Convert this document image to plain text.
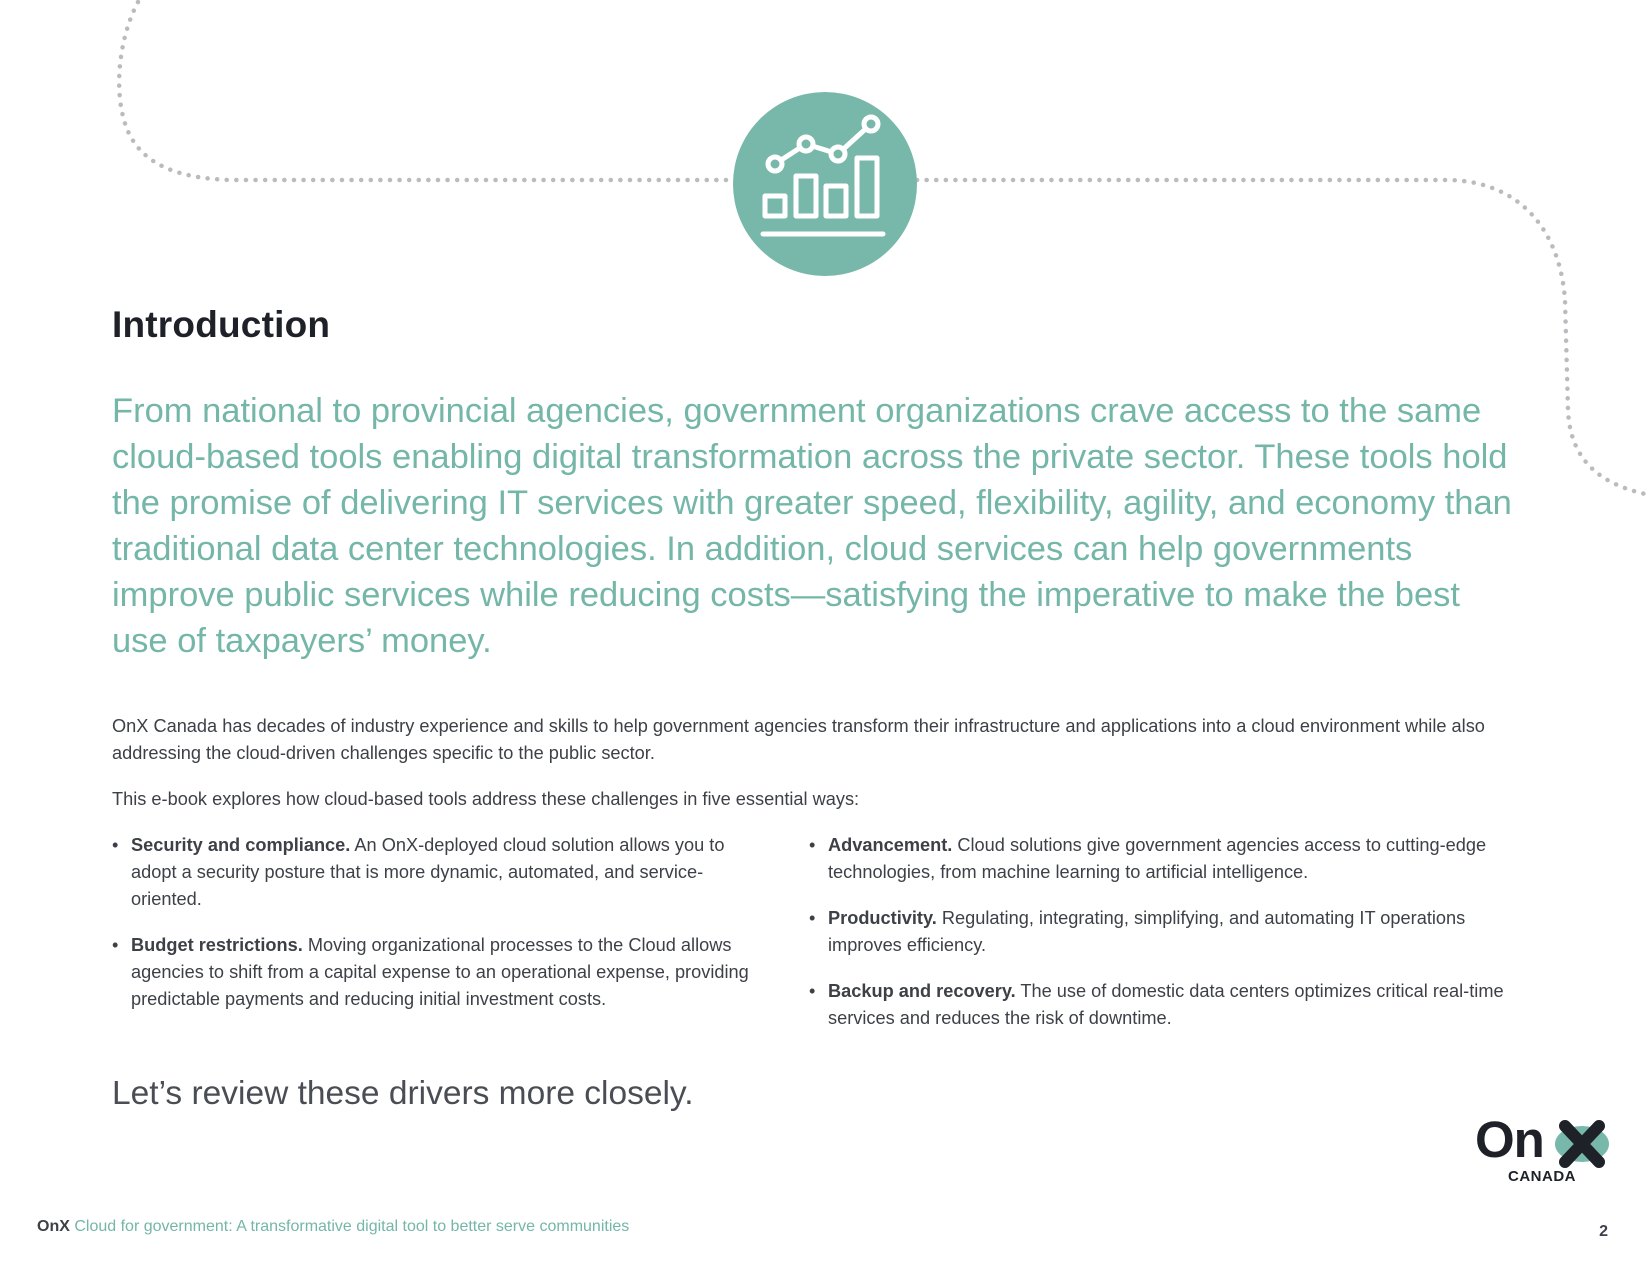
Introduction

From national to provincial agencies, government organizations crave access to the same cloud-based tools enabling digital transformation across the private sector. These tools hold the promise of delivering IT services with greater speed, flexibility, agility, and economy than traditional data center technologies. In addition, cloud services can help governments improve public services while reducing costs—satisfying the imperative to make the best use of taxpayers’ money.

OnX Canada has decades of industry experience and skills to help government agencies transform their infrastructure and applications into a cloud environment while also addressing the cloud-driven challenges specific to the public sector.

This e-book explores how cloud-based tools address these challenges in five essential ways:

• Security and compliance. An OnX-deployed cloud solution allows you to adopt a security posture that is more dynamic, automated, and service-oriented.
• Budget restrictions. Moving organizational processes to the Cloud allows agencies to shift from a capital expense to an operational expense, providing predictable payments and reducing initial investment costs.
• Advancement. Cloud solutions give government agencies access to cutting-edge technologies, from machine learning to artificial intelligence.
• Productivity. Regulating, integrating, simplifying, and automating IT operations improves efficiency.
• Backup and recovery. The use of domestic data centers optimizes critical real-time services and reduces the risk of downtime.

Let’s review these drivers more closely.

On
CANADA

OnX Cloud for government: A transformative digital tool to better serve communities	2
